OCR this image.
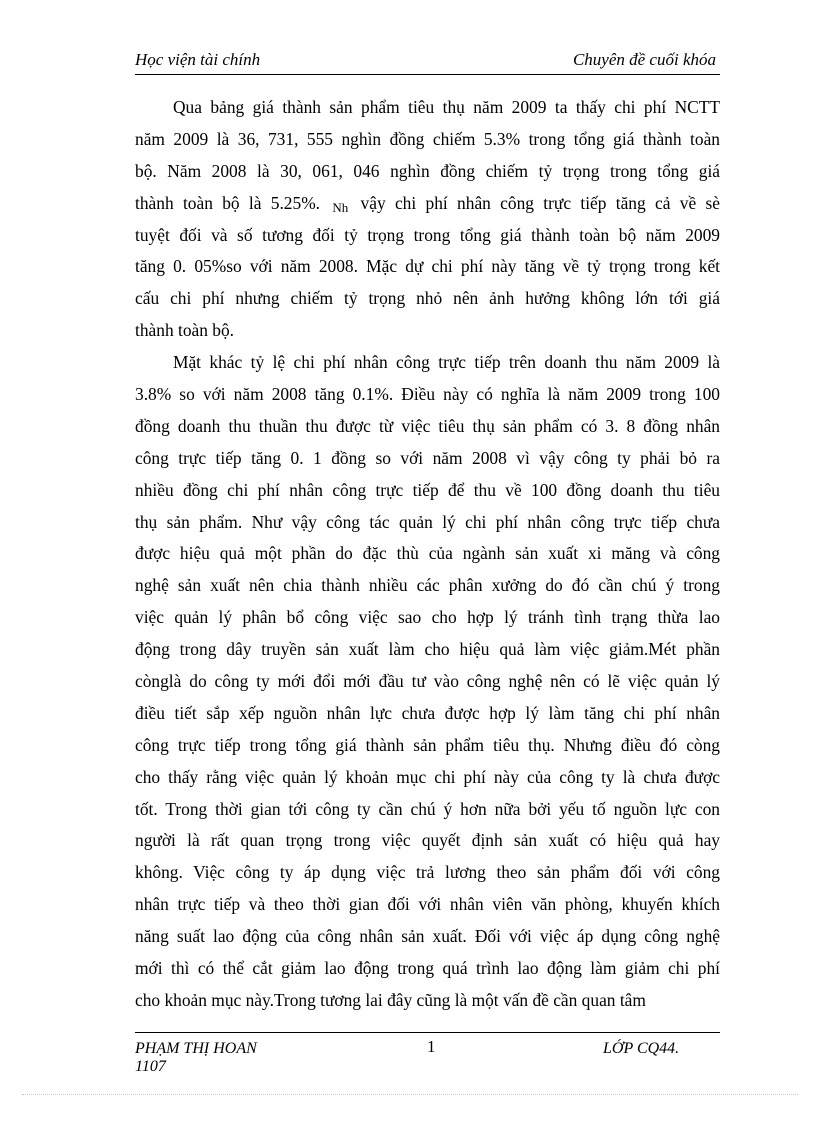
Học viện tài chính	Chuyên đề cuối khóa
Qua bảng giá thành sản phẩm tiêu thụ năm 2009 ta thấy chi phí NCTT
năm 2009 là 36, 731, 555 nghìn đồng chiếm 5.3% trong tổng giá thành toàn
bộ. Năm 2008 là 30, 061, 046 nghìn đồng chiếm tỷ trọng trong tổng giá
thành toàn bộ là 5.25%. Nh vậy chi phí nhân công trực tiếp tăng cả về sè
tuyệt đối và số tương đối tỷ trọng trong tổng giá thành toàn bộ năm 2009
tăng 0. 05%so với năm 2008. Mặc dự chi phí này tăng về tỷ trọng trong kết
cấu chi phí nhưng chiếm tỷ trọng nhỏ nên ảnh hưởng không lớn tới giá
thành toàn bộ.
Mặt khác tỷ lệ chi phí nhân công trực tiếp trên doanh thu năm 2009 là
3.8% so với năm 2008 tăng 0.1%. Điều này có nghĩa là năm 2009 trong 100
đồng doanh thu thuần thu được từ việc tiêu thụ sản phẩm có 3. 8 đồng nhân
công trực tiếp tăng 0. 1 đồng so với năm 2008 vì vậy công ty phải bỏ ra
nhiều đồng chi phí nhân công trực tiếp để thu về 100 đồng doanh thu tiêu
thụ sản phẩm. Như vậy công tác quản lý chi phí nhân công trực tiếp chưa
được hiệu quả một phần do đặc thù của ngành sản xuất xi măng và công
nghệ sản xuất nên chia thành nhiều các phân xưởng do đó cần chú ý trong
việc quản lý phân bổ công việc sao cho hợp lý tránh tình trạng thừa lao
động trong dây truyền sản xuất làm cho hiệu quả làm việc giảm.Mét phần
cònglà do công ty mới đổi mới đầu tư vào công nghệ nên có lẽ việc quản lý
điều tiết sắp xếp nguồn nhân lực chưa được hợp lý làm tăng chi phí nhân
công trực tiếp trong tổng giá thành sản phẩm tiêu thụ. Nhưng điều đó còng
cho thấy rằng việc quản lý khoản mục chi phí này của công ty là chưa được
tốt. Trong thời gian tới công ty cần chú ý hơn nữa bởi yếu tố nguồn lực con
người là rất quan trọng trong việc quyết định sản xuất có hiệu quả hay
không. Việc công ty áp dụng việc trả lương theo sản phẩm đối với công
nhân trực tiếp và theo thời gian đối với nhân viên văn phòng, khuyến khích
năng suất lao động của công nhân sản xuất. Đối với việc áp dụng công nghệ
mới thì có thể cắt giảm lao động trong quá trình lao động làm giảm chi phí
cho khoản mục này.Trong tương lai đây cũng là một vấn đề cần quan tâm
PHẠM THỊ HOAN
1107
1	LỚP CQ44.
